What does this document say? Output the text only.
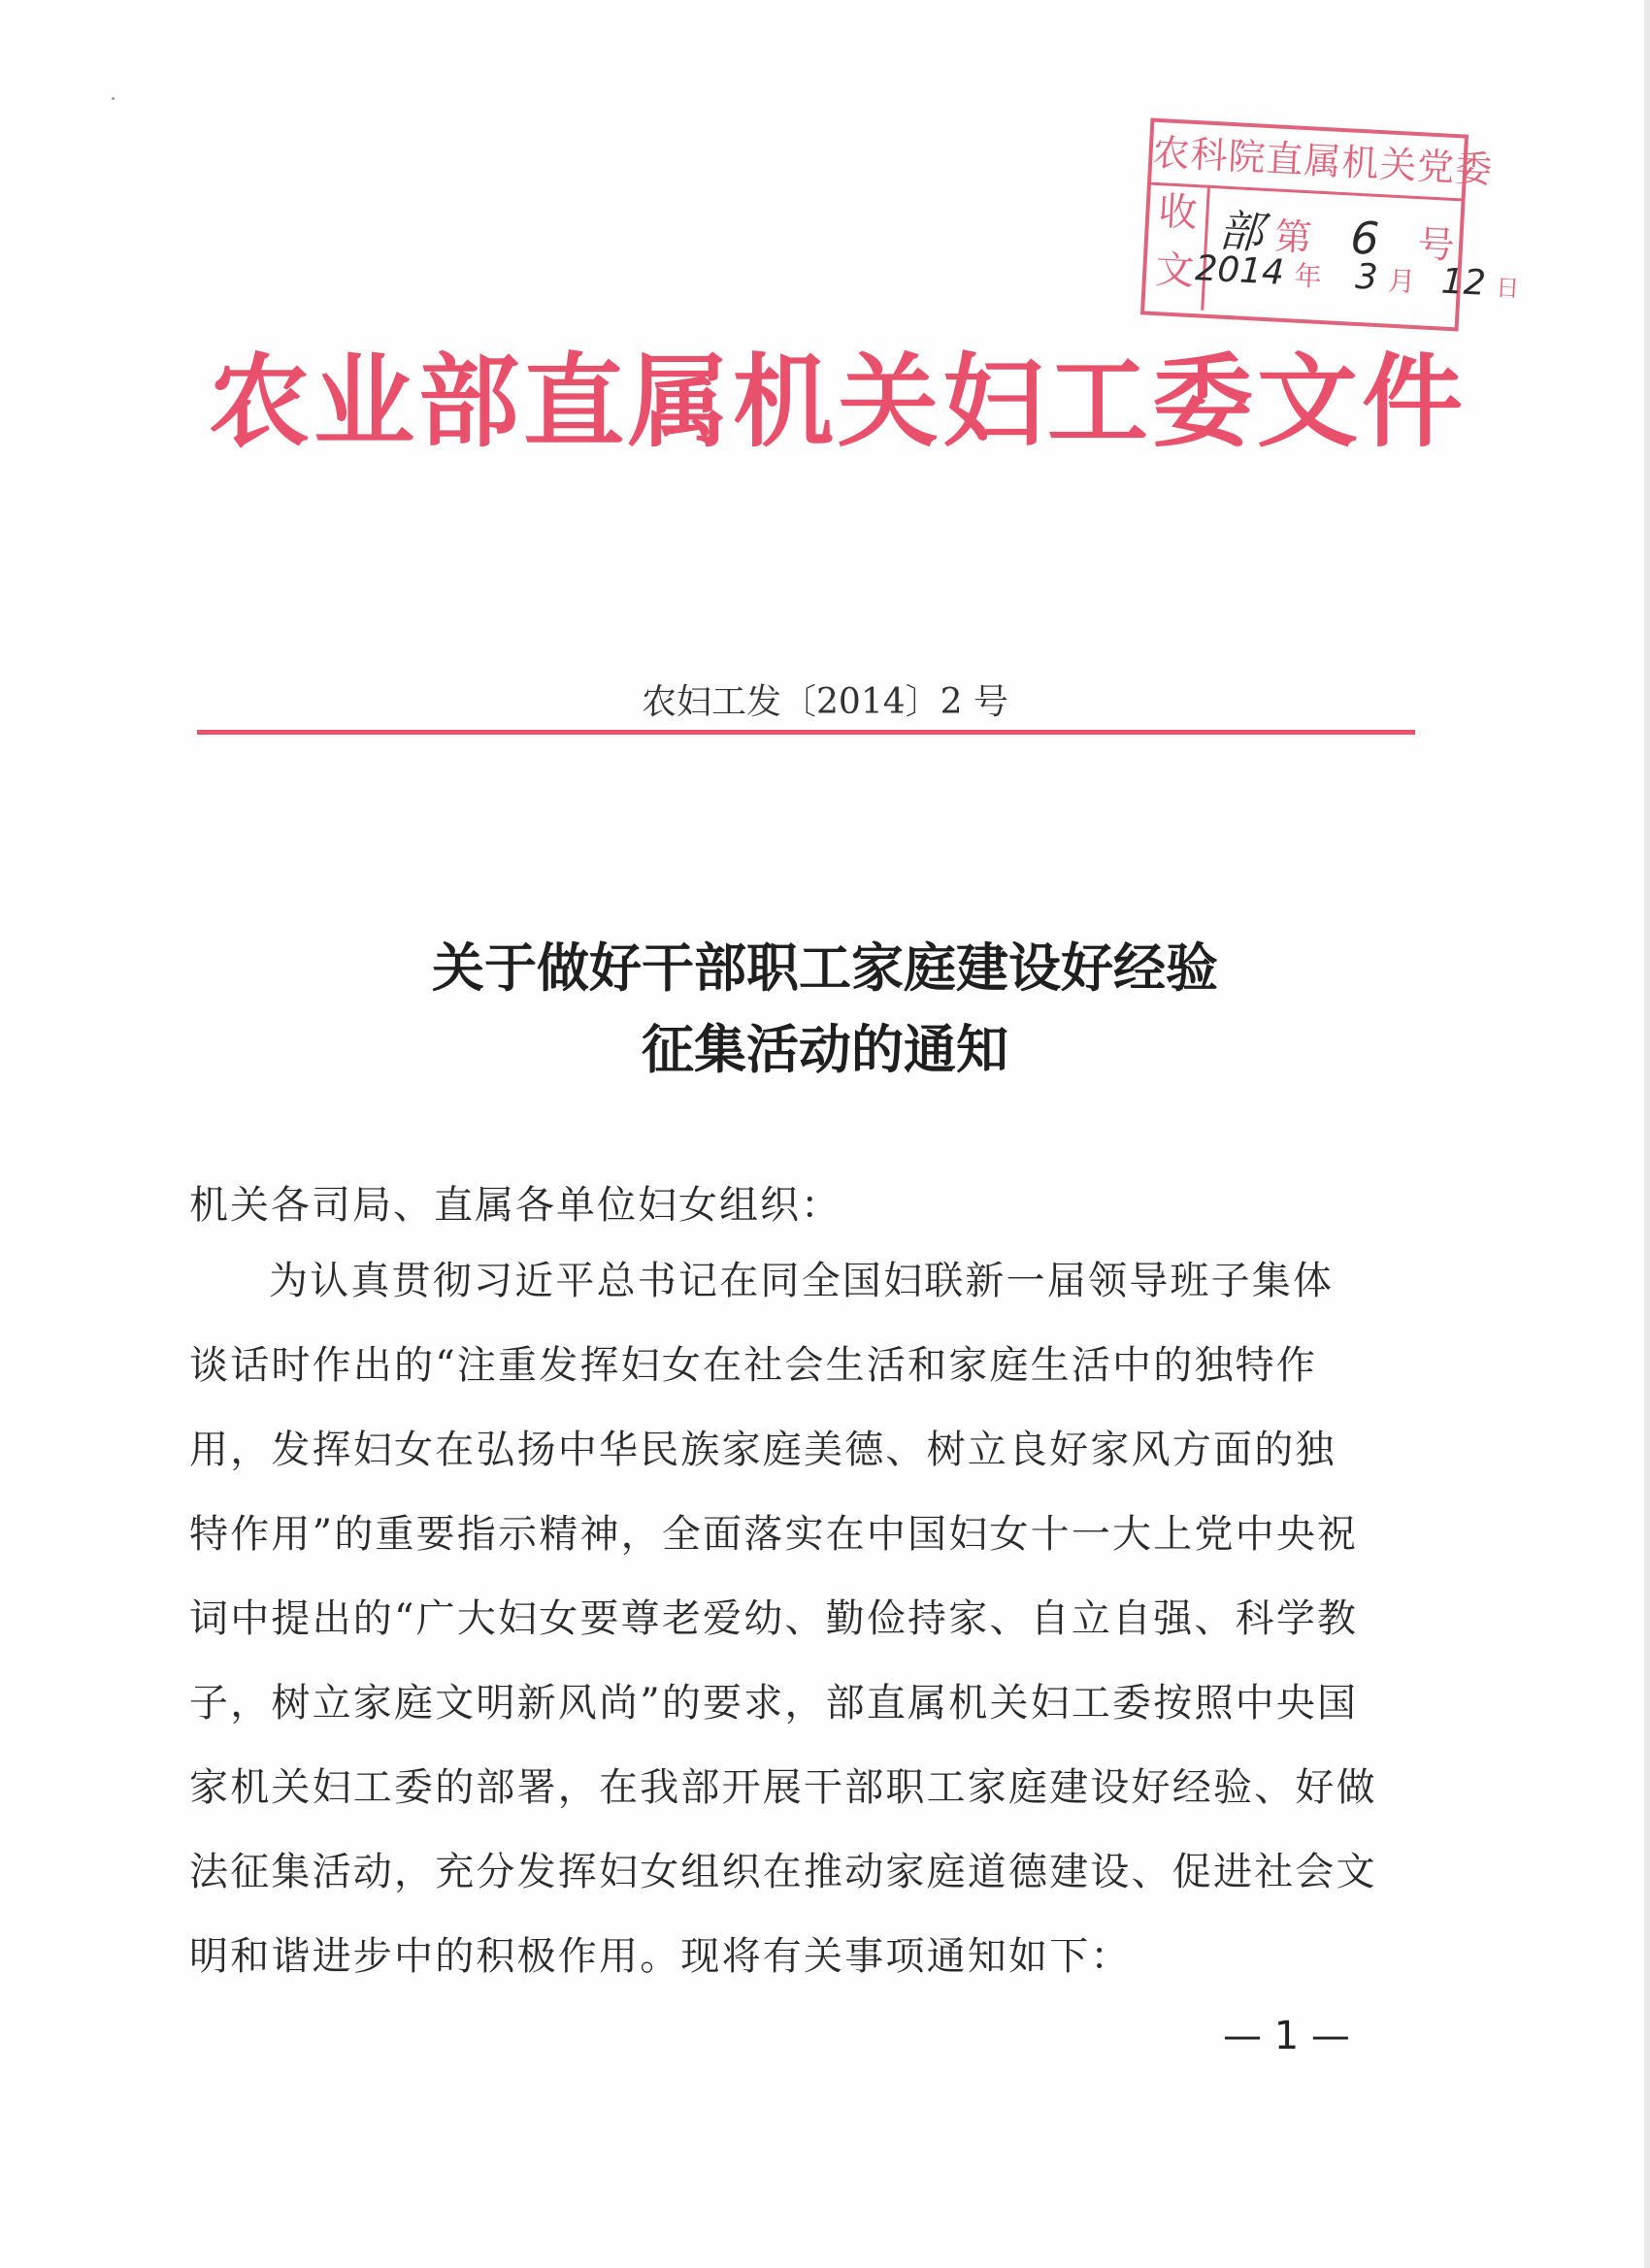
农科院直属机关党委
收
文
部 第 6 号
2014 年 3 月 12 日
农业部直属机关妇工委文件
农妇工发〔2014〕2 号
关于做好干部职工家庭建设好经验
征集活动的通知
机关各司局、直属各单位妇女组织：
为认真贯彻习近平总书记在同全国妇联新一届领导班子集体
谈话时作出的“注重发挥妇女在社会生活和家庭生活中的独特作
用，发挥妇女在弘扬中华民族家庭美德、树立良好家风方面的独
特作用”的重要指示精神，全面落实在中国妇女十一大上党中央祝
词中提出的“广大妇女要尊老爱幼、勤俭持家、自立自强、科学教
子，树立家庭文明新风尚”的要求，部直属机关妇工委按照中央国
家机关妇工委的部署，在我部开展干部职工家庭建设好经验、好做
法征集活动，充分发挥妇女组织在推动家庭道德建设、促进社会文
明和谐进步中的积极作用。现将有关事项通知如下：
— 1 —
